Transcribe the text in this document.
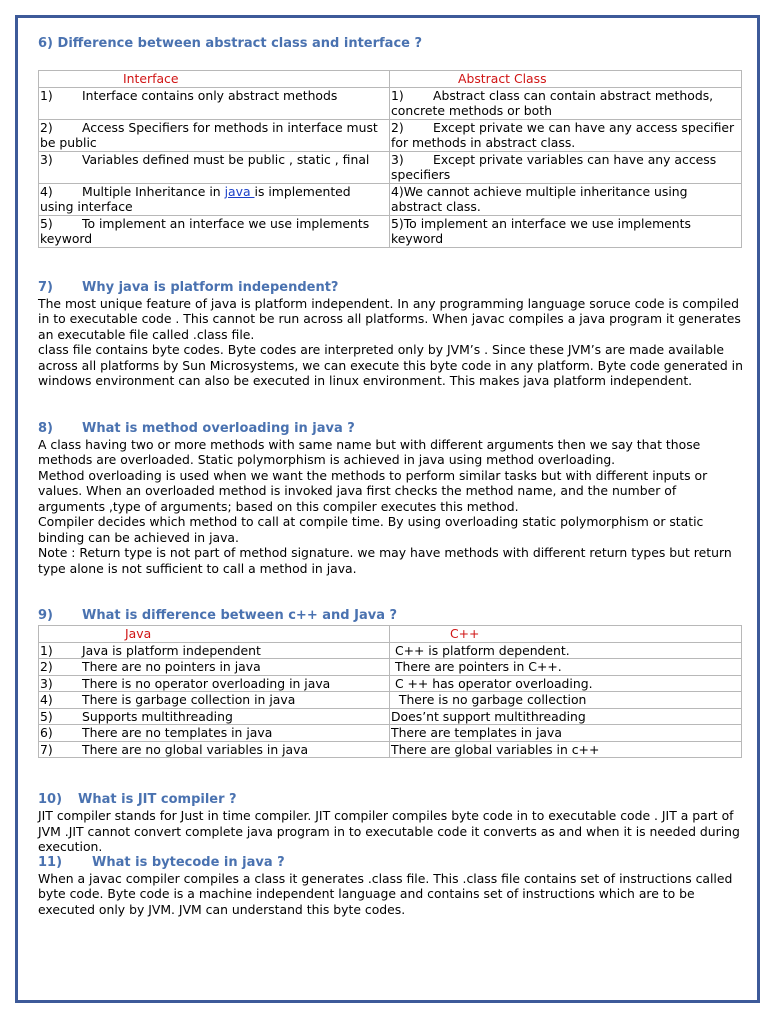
6) Difference between abstract class and interface ?
Interface	Abstract Class
1) Interface contains only abstract methods	1) Abstract class can contain abstract methods, concrete methods or both
2) Access Specifiers for methods in interface must be public	2) Except private we can have any access specifier for methods in abstract class.
3) Variables defined must be public , static , final	3) Except private variables can have any access specifiers
4) Multiple Inheritance in java is implemented using interface	4)We cannot achieve multiple inheritance using abstract class.
5) To implement an interface we use implements keyword	5)To implement an interface we use implements keyword
7) Why java is platform independent?

The most unique feature of java is platform independent. In any programming language soruce code is compiled in to executable code . This cannot be run across all platforms. When javac compiles a java program it generates an executable file called .class file.

class file contains byte codes. Byte codes are interpreted only by JVM’s . Since these JVM’s are made available across all platforms by Sun Microsystems, we can execute this byte code in any platform. Byte code generated in windows environment can also be executed in linux environment. This makes java platform independent.

8) What is method overloading in java ?

A class having two or more methods with same name but with different arguments then we say that those methods are overloaded. Static polymorphism is achieved in java using method overloading.

Method overloading is used when we want the methods to perform similar tasks but with different inputs or values. When an overloaded method is invoked java first checks the method name, and the number of arguments ,type of arguments; based on this compiler executes this method.

Compiler decides which method to call at compile time. By using overloading static polymorphism or static binding can be achieved in java.

Note : Return type is not part of method signature. we may have methods with different return types but return type alone is not sufficient to call a method in java.

9) What is difference between c++ and Java ?
Java	C++
1) Java is platform independent	C++ is platform dependent.
2) There are no pointers in java	There are pointers in C++.
3) There is no operator overloading in java	C ++ has operator overloading.
4) There is garbage collection in java	There is no garbage collection
5) Supports multithreading	Does’nt support multithreading
6) There are no templates in java	There are templates in java
7) There are no global variables in java	There are global variables in c++
10) What is JIT compiler ?

JIT compiler stands for Just in time compiler. JIT compiler compiles byte code in to executable code . JIT a part of JVM .JIT cannot convert complete java program in to executable code it converts as and when it is needed during execution.

11) What is bytecode in java ?

When a javac compiler compiles a class it generates .class file. This .class file contains set of instructions called byte code. Byte code is a machine independent language and contains set of instructions which are to be executed only by JVM. JVM can understand this byte codes.
